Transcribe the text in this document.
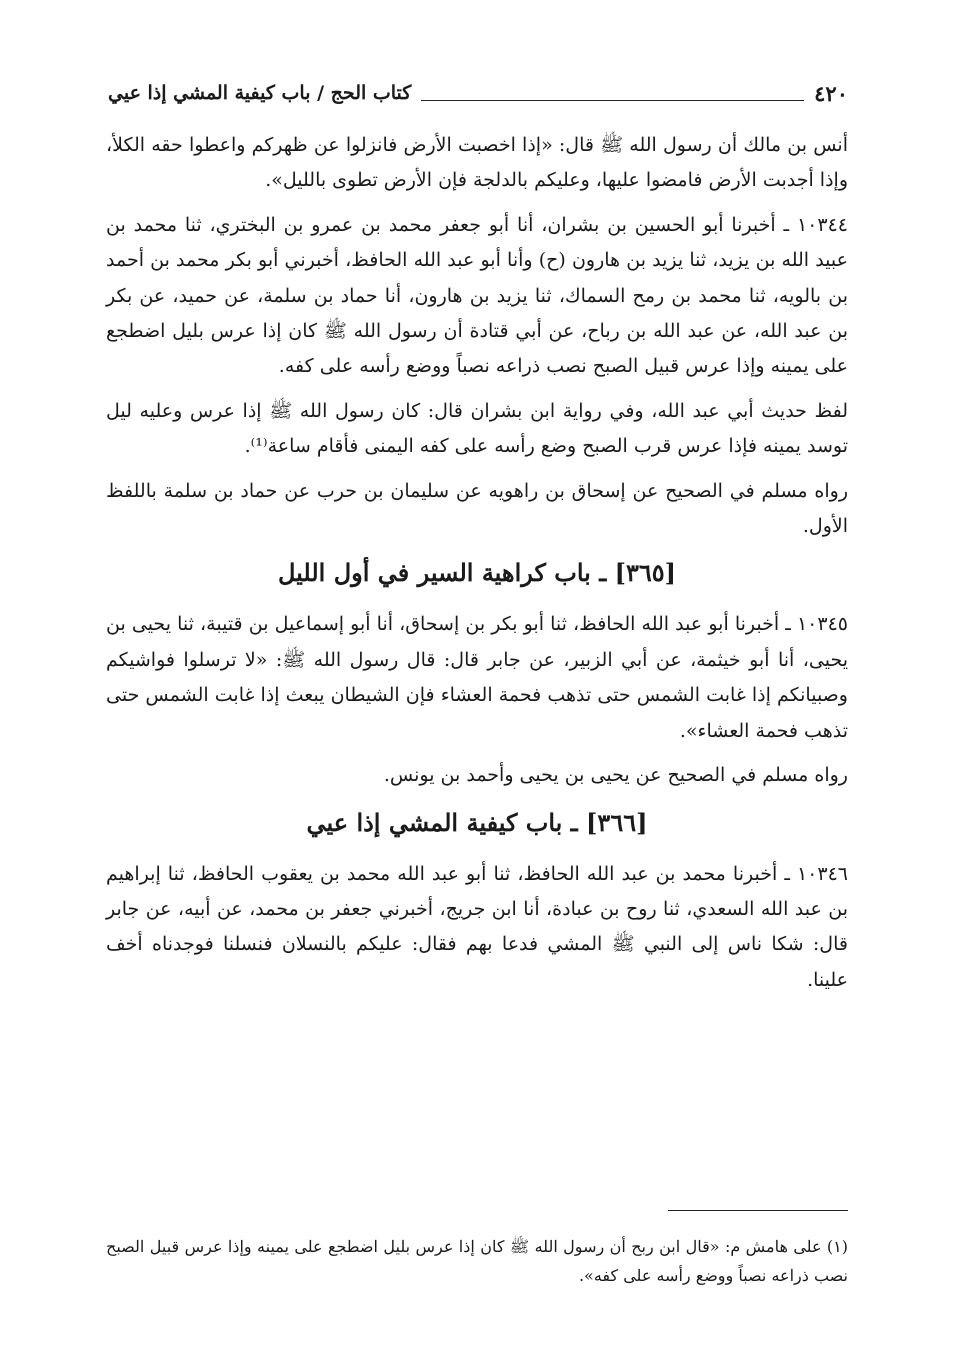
٤٢٠
كتاب الحج / باب كيفية المشي إذا عيي

أنس بن مالك أن رسول الله ﷺ قال: «إذا اخصبت الأرض فانزلوا عن ظهركم واعطوا حقه الكلأ، وإذا أجدبت الأرض فامضوا عليها، وعليكم بالدلجة فإن الأرض تطوى بالليل».

١٠٣٤٤ ـ أخبرنا أبو الحسين بن بشران، أنا أبو جعفر محمد بن عمرو بن البختري، ثنا محمد بن عبيد الله بن يزيد، ثنا يزيد بن هارون (ح) وأنا أبو عبد الله الحافظ، أخبرني أبو بكر محمد بن أحمد بن بالويه، ثنا محمد بن رمح السماك، ثنا يزيد بن هارون، أنا حماد بن سلمة، عن حميد، عن بكر بن عبد الله، عن عبد الله بن رباح، عن أبي قتادة أن رسول الله ﷺ كان إذا عرس بليل اضطجع على يمينه وإذا عرس قبيل الصبح نصب ذراعه نصباً ووضع رأسه على كفه.

لفظ حديث أبي عبد الله، وفي رواية ابن بشران قال: كان رسول الله ﷺ إذا عرس وعليه ليل توسد يمينه فإذا عرس قرب الصبح وضع رأسه على كفه اليمنى فأقام ساعة⁽¹⁾.

رواه مسلم في الصحيح عن إسحاق بن راهويه عن سليمان بن حرب عن حماد بن سلمة باللفظ الأول.

[٣٦٥] ـ باب كراهية السير في أول الليل

١٠٣٤٥ ـ أخبرنا أبو عبد الله الحافظ، ثنا أبو بكر بن إسحاق، أنا أبو إسماعيل بن قتيبة، ثنا يحيى بن يحيى، أنا أبو خيثمة، عن أبي الزبير، عن جابر قال: قال رسول الله ﷺ: «لا ترسلوا فواشيكم وصبيانكم إذا غابت الشمس حتى تذهب فحمة العشاء فإن الشيطان يبعث إذا غابت الشمس حتى تذهب فحمة العشاء».

رواه مسلم في الصحيح عن يحيى بن يحيى وأحمد بن يونس.

[٣٦٦] ـ باب كيفية المشي إذا عيي

١٠٣٤٦ ـ أخبرنا محمد بن عبد الله الحافظ، ثنا أبو عبد الله محمد بن يعقوب الحافظ، ثنا إبراهيم بن عبد الله السعدي، ثنا روح بن عبادة، أنا ابن جريج، أخبرني جعفر بن محمد، عن أبيه، عن جابر قال: شكا ناس إلى النبي ﷺ المشي فدعا بهم فقال: عليكم بالنسلان فنسلنا فوجدناه أخف علينا.

(١) على هامش م: «قال ابن ربح أن رسول الله ﷺ كان إذا عرس بليل اضطجع على يمينه وإذا عرس قبيل الصبح نصب ذراعه نصباً ووضع رأسه على كفه».
